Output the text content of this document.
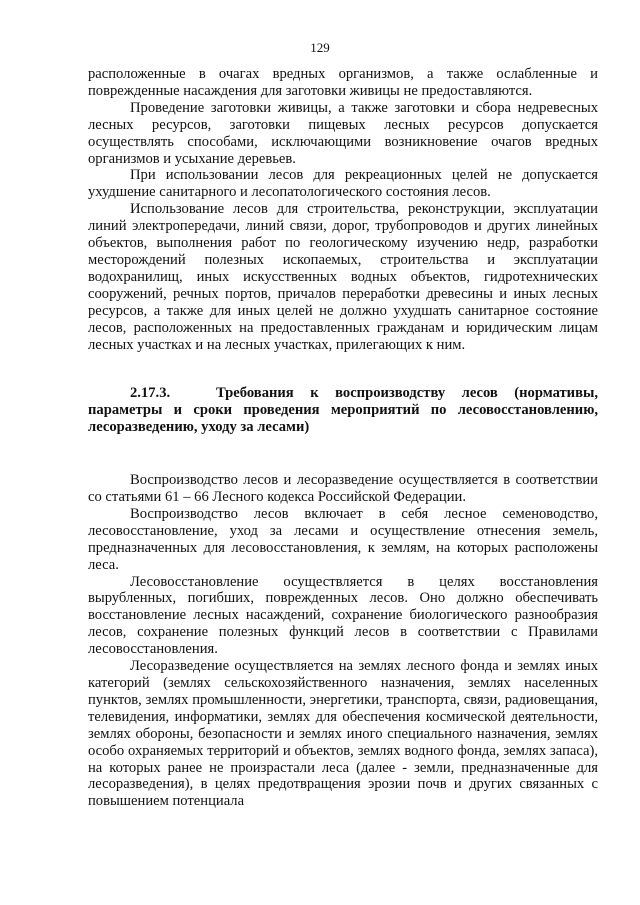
129

расположенные в очагах вредных организмов, а также ослабленные и поврежденные насаждения для заготовки живицы не предоставляются.

Проведение заготовки живицы, а также заготовки и сбора недревесных лесных ресурсов, заготовки пищевых лесных ресурсов допускается осуществлять способами, исключающими возникновение очагов вредных организмов и усыхание деревьев.

При использовании лесов для рекреационных целей не допускается ухудшение санитарного и лесопатологического состояния лесов.

Использование лесов для строительства, реконструкции, эксплуатации линий электропередачи, линий связи, дорог, трубопроводов и других линейных объектов, выполнения работ по геологическому изучению недр, разработки месторождений полезных ископаемых, строительства и эксплуатации водохранилищ, иных искусственных водных объектов, гидротехнических сооружений, речных портов, причалов переработки древесины и иных лесных ресурсов, а также для иных целей не должно ухудшать санитарное состояние лесов, расположенных на предоставленных гражданам и юридическим лицам лесных участках и на лесных участках, прилегающих к ним.

2.17.3.	Требования к воспроизводству лесов (нормативы, параметры и сроки проведения мероприятий по лесовосстановлению, лесоразведению, уходу за лесами)

Воспроизводство лесов и лесоразведение осуществляется в соответствии со статьями 61 – 66 Лесного кодекса Российской Федерации.

Воспроизводство лесов включает в себя лесное семеноводство, лесовосстановление, уход за лесами и осуществление отнесения земель, предназначенных для лесовосстановления, к землям, на которых расположены леса.

Лесовосстановление осуществляется в целях восстановления вырубленных, погибших, поврежденных лесов. Оно должно обеспечивать восстановление лесных насаждений, сохранение биологического разнообразия лесов, сохранение полезных функций лесов в соответствии с Правилами лесовосстановления.

Лесоразведение осуществляется на землях лесного фонда и землях иных категорий (землях сельскохозяйственного назначения, землях населенных пунктов, землях промышленности, энергетики, транспорта, связи, радиовещания, телевидения, информатики, землях для обеспечения космической деятельности, землях обороны, безопасности и землях иного специального назначения, землях особо охраняемых территорий и объектов, землях водного фонда, землях запаса), на которых ранее не произрастали леса (далее - земли, предназначенные для лесоразведения), в целях предотвращения эрозии почв и других связанных с повышением потенциала
